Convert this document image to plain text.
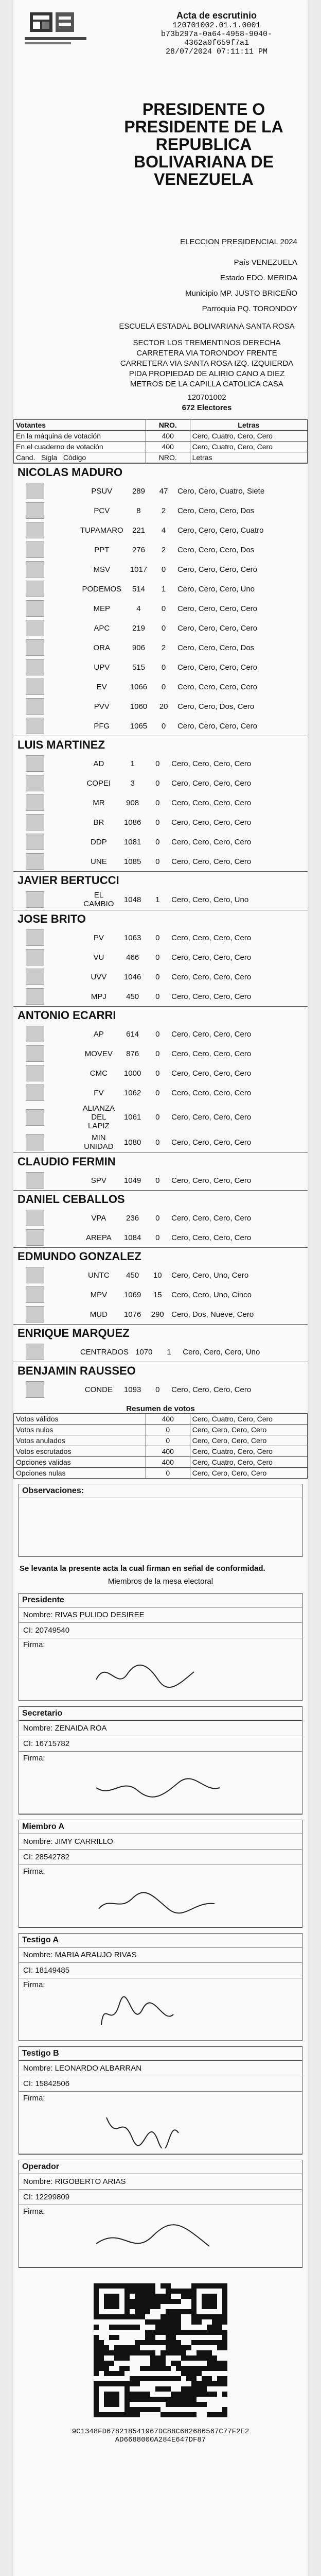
Acta de escrutinio
120701002.01.1.0001
b73b297a-0a64-4958-9040-
4362a0f659f7a1
28/07/2024 07:11:11 PM
PRESIDENTE O PRESIDENTE DE LA REPUBLICA BOLIVARIANA DE VENEZUELA
ELECCION PRESIDENCIAL 2024
País VENEZUELA
Estado EDO. MERIDA
Municipio MP. JUSTO BRICEÑO
Parroquia PQ. TORONDOY
ESCUELA ESTADAL BOLIVARIANA SANTA ROSA
SECTOR LOS TREMENTINOS DERECHA CARRETERA VIA TORONDOY FRENTE CARRETERA VIA SANTA ROSA IZQ. IZQUIERDA PIDA PROPIEDAD DE ALIRIO CANO A DIEZ METROS DE LA CAPILLA CATOLICA CASA
120701002
672 Electores
Votantes	NRO.	Letras
En la máquina de votación	400	Cero, Cuatro, Cero, Cero
En el cuaderno de votación	400	Cero, Cuatro, Cero, Cero
Cand. Sigla Código	NRO.	Letras
NICOLAS MADURO
	PSUV	289	47	Cero, Cero, Cuatro, Siete

	PCV	8	2	Cero, Cero, Cero, Dos

	TUPAMARO	221	4	Cero, Cero, Cero, Cuatro

	PPT	276	2	Cero, Cero, Cero, Dos

	MSV	1017	0	Cero, Cero, Cero, Cero

	PODEMOS	514	1	Cero, Cero, Cero, Uno

	MEP	4	0	Cero, Cero, Cero, Cero

	APC	219	0	Cero, Cero, Cero, Cero

	ORA	906	2	Cero, Cero, Cero, Dos

	UPV	515	0	Cero, Cero, Cero, Cero

	EV	1066	0	Cero, Cero, Cero, Cero

	PVV	1060	20	Cero, Cero, Dos, Cero

	PFG	1065	0	Cero, Cero, Cero, Cero
LUIS MARTINEZ
	AD	1	0	Cero, Cero, Cero, Cero

	COPEI	3	0	Cero, Cero, Cero, Cero

	MR	908	0	Cero, Cero, Cero, Cero

	BR	1086	0	Cero, Cero, Cero, Cero

	DDP	1081	0	Cero, Cero, Cero, Cero

	UNE	1085	0	Cero, Cero, Cero, Cero
JAVIER BERTUCCI
	EL CAMBIO	1048	1	Cero, Cero, Cero, Uno
JOSE BRITO
	PV	1063	0	Cero, Cero, Cero, Cero

	VU	466	0	Cero, Cero, Cero, Cero

	UVV	1046	0	Cero, Cero, Cero, Cero

	MPJ	450	0	Cero, Cero, Cero, Cero
ANTONIO ECARRI
	AP	614	0	Cero, Cero, Cero, Cero

	MOVEV	876	0	Cero, Cero, Cero, Cero

	CMC	1000	0	Cero, Cero, Cero, Cero

	FV	1062	0	Cero, Cero, Cero, Cero

	ALIANZA DEL LAPIZ	1061	0	Cero, Cero, Cero, Cero

	MIN UNIDAD	1080	0	Cero, Cero, Cero, Cero
CLAUDIO FERMIN
	SPV	1049	0	Cero, Cero, Cero, Cero
DANIEL CEBALLOS
	VPA	236	0	Cero, Cero, Cero, Cero

	AREPA	1084	0	Cero, Cero, Cero, Cero
EDMUNDO GONZALEZ
	UNTC	450	10	Cero, Cero, Uno, Cero

	MPV	1069	15	Cero, Cero, Uno, Cinco

	MUD	1076	290	Cero, Dos, Nueve, Cero
ENRIQUE MARQUEZ
	CENTRADOS	1070	1	Cero, Cero, Cero, Uno
BENJAMIN RAUSSEO
	CONDE	1093	0	Cero, Cero, Cero, Cero
Resumen de votos
Votos válidos	400	Cero, Cuatro, Cero, Cero
Votos nulos	0	Cero, Cero, Cero, Cero
Votos anulados	0	Cero, Cero, Cero, Cero
Votos escrutados	400	Cero, Cuatro, Cero, Cero
Opciones validas	400	Cero, Cuatro, Cero, Cero
Opciones nulas	0	Cero, Cero, Cero, Cero
Observaciones:
Se levanta la presente acta la cual firman en señal de conformidad.
Miembros de la mesa electoral
Presidente
Nombre: RIVAS PULIDO DESIREE
CI: 20749540
Firma:
Secretario
Nombre: ZENAIDA ROA
CI: 16715782
Firma:
Miembro A
Nombre: JIMY CARRILLO
CI: 28542782
Firma:
Testigo A
Nombre: MARIA ARAUJO RIVAS
CI: 18149485
Firma:
Testigo B
Nombre: LEONARDO ALBARRAN
CI: 15842506
Firma:
Operador
Nombre: RIGOBERTO ARIAS
CI: 12299809
Firma:
9C1348FD678218541967DC88C682686567C77F2E2
AD6688000A284E647DF87
